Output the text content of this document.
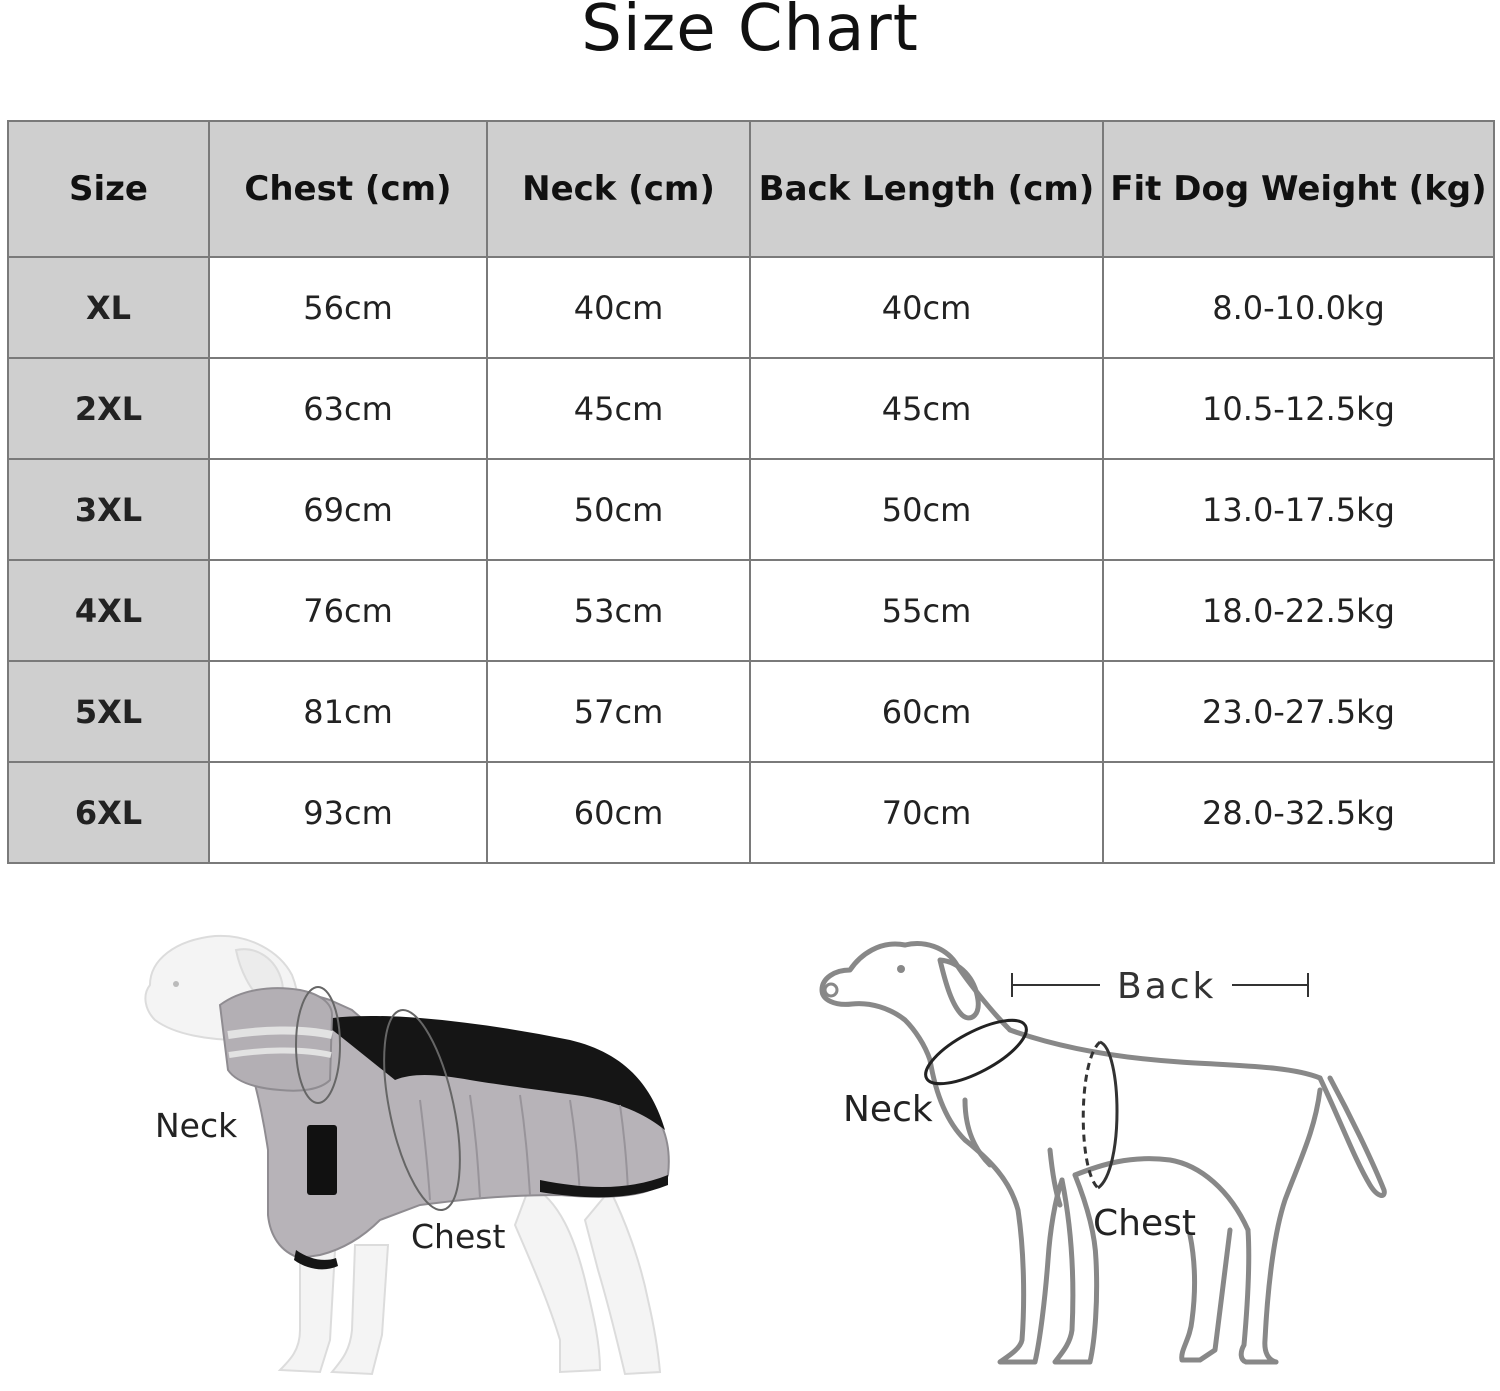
Size Chart
Size	Chest (cm)	Neck (cm)	Back Length (cm)	Fit Dog Weight (kg)
XL	56cm	40cm	40cm	8.0-10.0kg
2XL	63cm	45cm	45cm	10.5-12.5kg
3XL	69cm	50cm	50cm	13.0-17.5kg
4XL	76cm	53cm	55cm	18.0-22.5kg
5XL	81cm	57cm	60cm	23.0-27.5kg
6XL	93cm	60cm	70cm	28.0-32.5kg
Neck
Chest
Back
Neck
Chest
